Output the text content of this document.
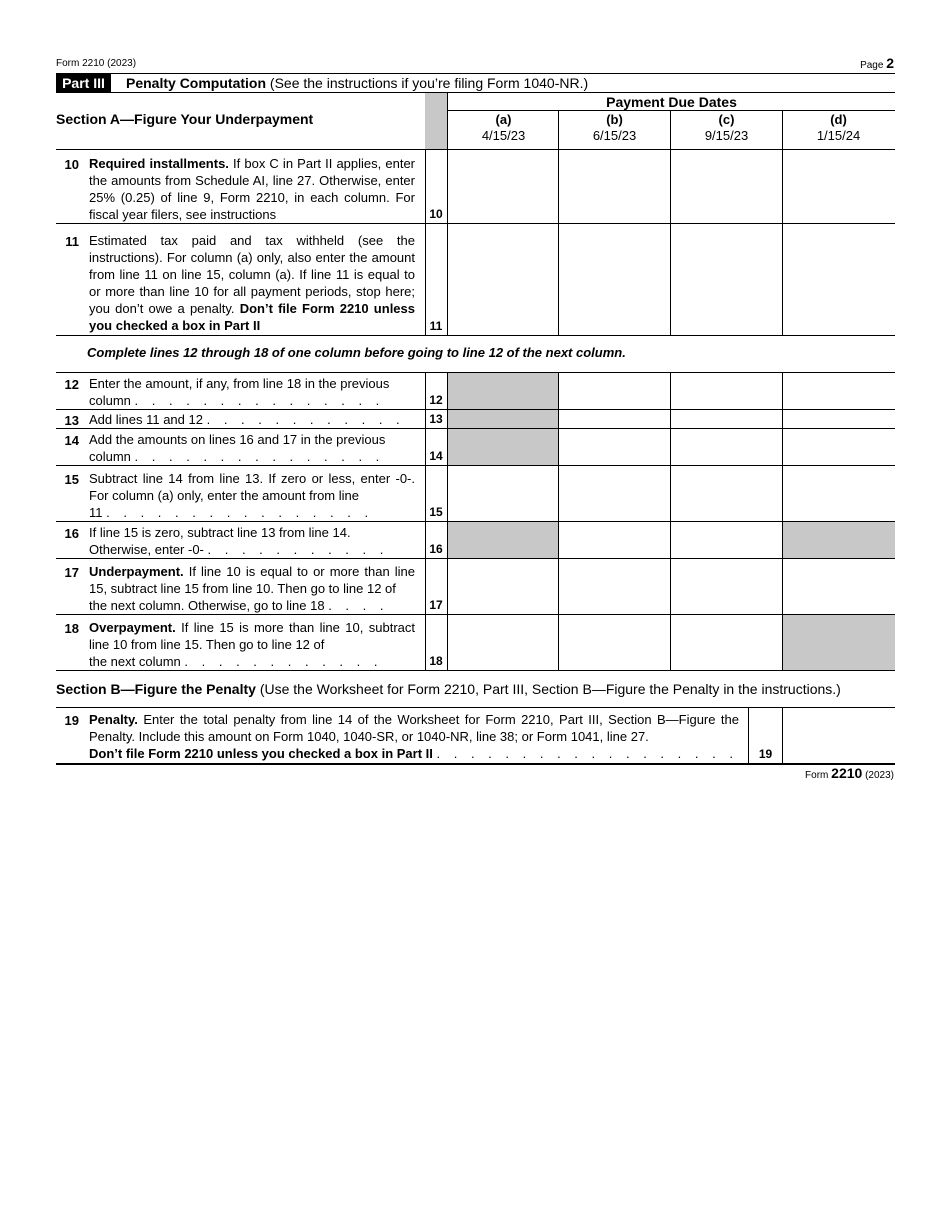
Form 2210 (2023)	Page 2
Part III	Penalty Computation (See the instructions if you’re filing Form 1040-NR.)
Section A—Figure Your Underpayment
Payment Due Dates
(a)
4/15/23
(b)
6/15/23
(c)
9/15/23
(d)
1/15/24
10 Required installments. If box C in Part II applies, enter the amounts from Schedule AI, line 27. Otherwise, enter 25% (0.25) of line 9, Form 2210, in each column. For fiscal year filers, see instructions	10
11 Estimated tax paid and tax withheld (see the instructions). For column (a) only, also enter the amount from line 11 on line 15, column (a). If line 11 is equal to or more than line 10 for all payment periods, stop here; you don’t owe a penalty. Don’t file Form 2210 unless you checked a box in Part II	11
Complete lines 12 through 18 of one column before going to line 12 of the next column.
12 Enter the amount, if any, from line 18 in the previous
column . . . . . . . . . . . . . . .	12
13 Add lines 11 and 12 . . . . . . . . . . . .	13
14 Add the amounts on lines 16 and 17 in the previous
column . . . . . . . . . . . . . . .	14
15 Subtract line 14 from line 13. If zero or less, enter -0-. For column (a) only, enter the amount from line
11 . . . . . . . . . . . . . . . .	15
16 If line 15 is zero, subtract line 13 from line 14.
Otherwise, enter -0- . . . . . . . . . . .	16
17 Underpayment. If line 10 is equal to or more than line 15, subtract line 15 from line 10. Then go to line 12 of
the next column. Otherwise, go to line 18 . . . .	17
18 Overpayment. If line 15 is more than line 10, subtract line 10 from line 15. Then go to line 12 of
the next column . . . . . . . . . . . .	18
Section B—Figure the Penalty (Use the Worksheet for Form 2210, Part III, Section B—Figure the Penalty in the instructions.)
19 Penalty. Enter the total penalty from line 14 of the Worksheet for Form 2210, Part III, Section B—Figure the Penalty. Include this amount on Form 1040, 1040-SR, or 1040-NR, line 38; or Form 1041, line 27.
Don’t file Form 2210 unless you checked a box in Part II . . . . . . . . . . . . . . . . . .	19
Form 2210 (2023)
